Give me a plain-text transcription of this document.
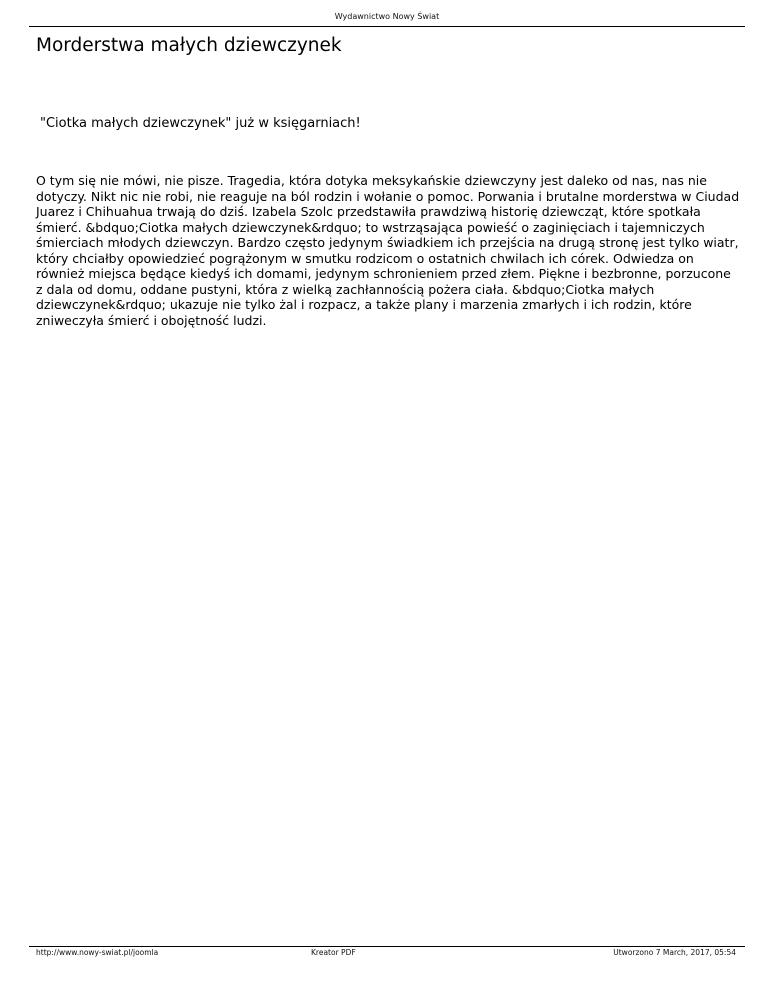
Wydawnictwo Nowy Świat
Morderstwa małych dziewczynek

"Ciotka małych dziewczynek" już w księgarniach!

O tym się nie mówi, nie pisze. Tragedia, która dotyka meksykańskie dziewczyny jest daleko od nas, nas nie dotyczy. Nikt nic nie robi, nie reaguje na ból rodzin i wołanie o pomoc. Porwania i brutalne morderstwa w Ciudad Juarez i Chihuahua trwają do dziś. Izabela Szolc przedstawiła prawdziwą historię dziewcząt, które spotkała śmierć. &bdquo;Ciotka małych dziewczynek&rdquo; to wstrząsająca powieść o zaginięciach i tajemniczych śmierciach młodych dziewczyn. Bardzo często jedynym świadkiem ich przejścia na drugą stronę jest tylko wiatr, który chciałby opowiedzieć pogrążonym w smutku rodzicom o ostatnich chwilach ich córek. Odwiedza on również miejsca będące kiedyś ich domami, jedynym schronieniem przed złem. Piękne i bezbronne, porzucone z dala od domu, oddane pustyni, która z wielką zachłannością pożera ciała. &bdquo;Ciotka małych dziewczynek&rdquo; ukazuje nie tylko żal i rozpacz, a także plany i marzenia zmarłych i ich rodzin, które zniweczyła śmierć i obojętność ludzi.

http://www.nowy-swiat.pl/joomla	Kreator PDF	Utworzono 7 March, 2017, 05:54
